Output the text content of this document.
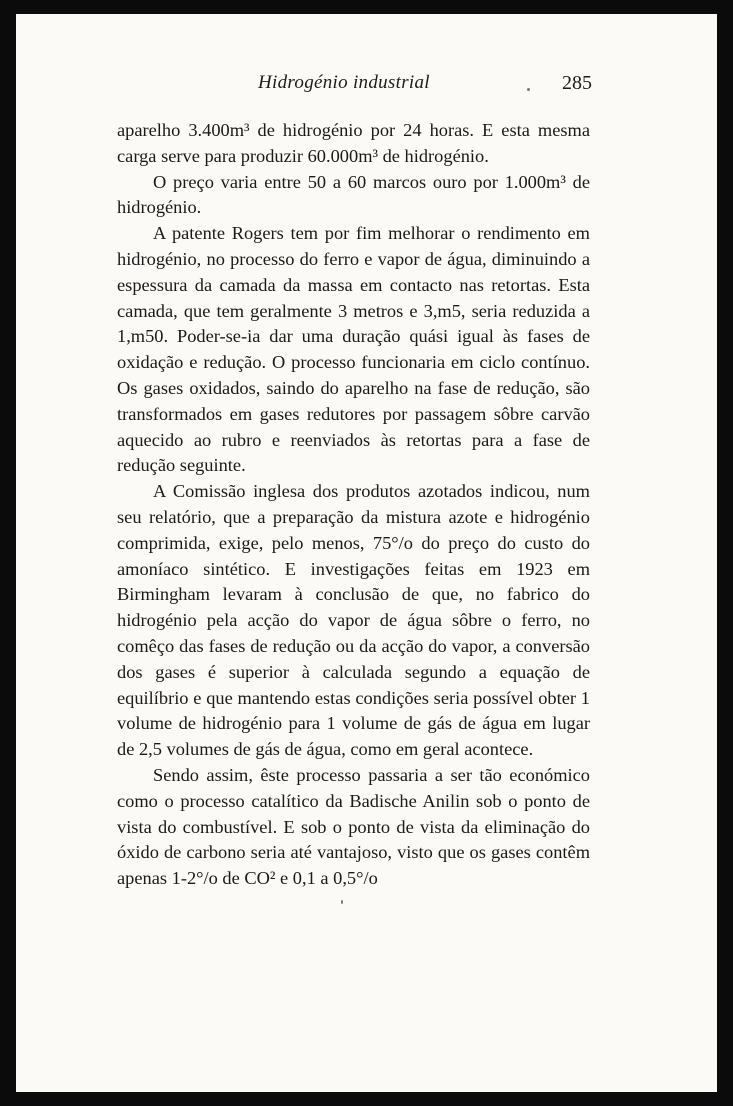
Hidrogénio industrial	285

aparelho 3.400m³ de hidrogénio por 24 horas. E esta mesma carga serve para produzir 60.000m³ de hidrogénio.

O preço varia entre 50 a 60 marcos ouro por 1.000m³ de hidrogénio.

A patente Rogers tem por fim melhorar o rendimento em hidrogénio, no processo do ferro e vapor de água, diminuindo a espessura da camada da massa em contacto nas retortas. Esta camada, que tem geralmente 3 metros e 3,m5, seria reduzida a 1,m50. Poder-se-ia dar uma duração quási igual às fases de oxidação e redução. O processo funcionaria em ciclo contínuo. Os gases oxidados, saindo do aparelho na fase de redução, são transformados em gases redutores por passagem sôbre carvão aquecido ao rubro e reenviados às retortas para a fase de redução seguinte.

A Comissão inglesa dos produtos azotados indicou, num seu relatório, que a preparação da mistura azote e hidrogénio comprimida, exige, pelo menos, 75°/o do preço do custo do amoníaco sintético. E investigações feitas em 1923 em Birmingham levaram à conclusão de que, no fabrico do hidrogénio pela acção do vapor de água sôbre o ferro, no comêço das fases de redução ou da acção do vapor, a conversão dos gases é superior à calculada segundo a equação de equilíbrio e que mantendo estas condições seria possível obter 1 volume de hidrogénio para 1 volume de gás de água em lugar de 2,5 volumes de gás de água, como em geral acontece.

Sendo assim, êste processo passaria a ser tão económico como o processo catalítico da Badische Anilin sob o ponto de vista do combustível. E sob o ponto de vista da eliminação do óxido de carbono seria até vantajoso, visto que os gases contêm apenas 1-2°/o de CO² e 0,1 a 0,5°/o
